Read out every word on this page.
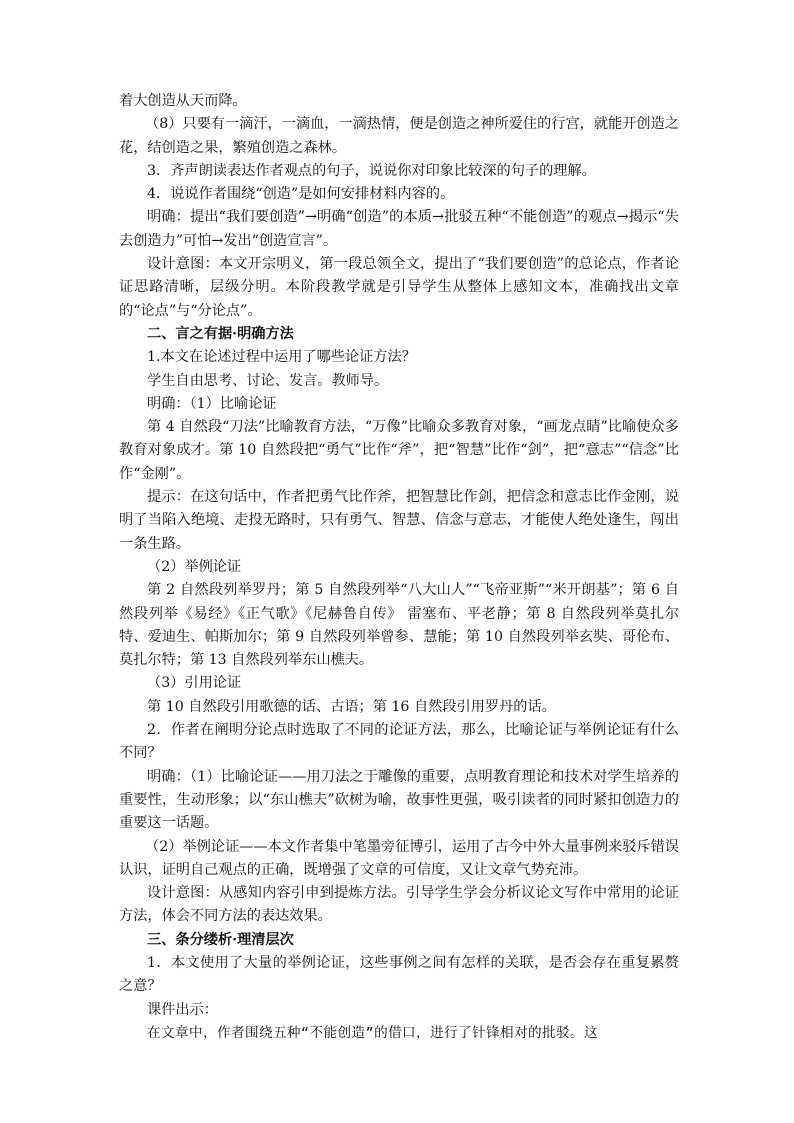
着大创造从天而降。

（8）只要有一滴汗，一滴血，一滴热情，便是创造之神所爱住的行宫，就能开创造之花，结创造之果，繁殖创造之森林。

3．齐声朗读表达作者观点的句子，说说你对印象比较深的句子的理解。

4．说说作者围绕“创造”是如何安排材料内容的。

明确：提出“我们要创造”→明确“创造”的本质→批驳五种“不能创造”的观点→揭示“失去创造力”可怕→发出“创造宣言”。

设计意图：本文开宗明义，第一段总领全文，提出了“我们要创造”的总论点，作者论证思路清晰，层级分明。本阶段教学就是引导学生从整体上感知文本，准确找出文章的“论点”与“分论点”。

二、言之有据·明确方法

1.本文在论述过程中运用了哪些论证方法？

学生自由思考、讨论、发言。教师导。

明确：（1）比喻论证

第 4 自然段“刀法”比喻教育方法，“万像”比喻众多教育对象，“画龙点睛”比喻使众多教育对象成才。第 10 自然段把“勇气”比作“斧”，把“智慧”比作“剑”，把“意志”“信念”比作“金刚”。

提示：在这句话中，作者把勇气比作斧，把智慧比作剑，把信念和意志比作金刚，说明了当陷入绝境、走投无路时，只有勇气、智慧、信念与意志，才能使人绝处逢生，闯出一条生路。

（2）举例论证

第 2 自然段列举罗丹；第 5 自然段列举“八大山人”“飞帝亚斯”“米开朗基”；第 6 自然段列举《易经》《正气歌》《尼赫鲁自传》 雷塞布、平老静；第 8 自然段列举莫扎尔特、爱迪生、帕斯加尔；第 9 自然段列举曾参、慧能；第 10 自然段列举玄奘、哥伦布、莫扎尔特；第 13 自然段列举东山樵夫。

（3）引用论证

第 10 自然段引用歌德的话、古语；第 16 自然段引用罗丹的话。

2．作者在阐明分论点时选取了不同的论证方法，那么，比喻论证与举例论证有什么不同？

明确：（1）比喻论证——用刀法之于雕像的重要，点明教育理论和技术对学生培养的重要性，生动形象；以“东山樵夫”砍树为喻，故事性更强，吸引读者的同时紧扣创造力的重要这一话题。

（2）举例论证——本文作者集中笔墨旁征博引，运用了古今中外大量事例来驳斥错误认识，证明自己观点的正确，既增强了文章的可信度，又让文章气势充沛。

设计意图：从感知内容引申到提炼方法。引导学生学会分析议论文写作中常用的论证方法，体会不同方法的表达效果。

三、条分缕析·理清层次

1．本文使用了大量的举例论证，这些事例之间有怎样的关联，是否会存在重复累赘之意？

课件出示：

在文章中，作者围绕五种“不能创造”的借口，进行了针锋相对的批驳。这
